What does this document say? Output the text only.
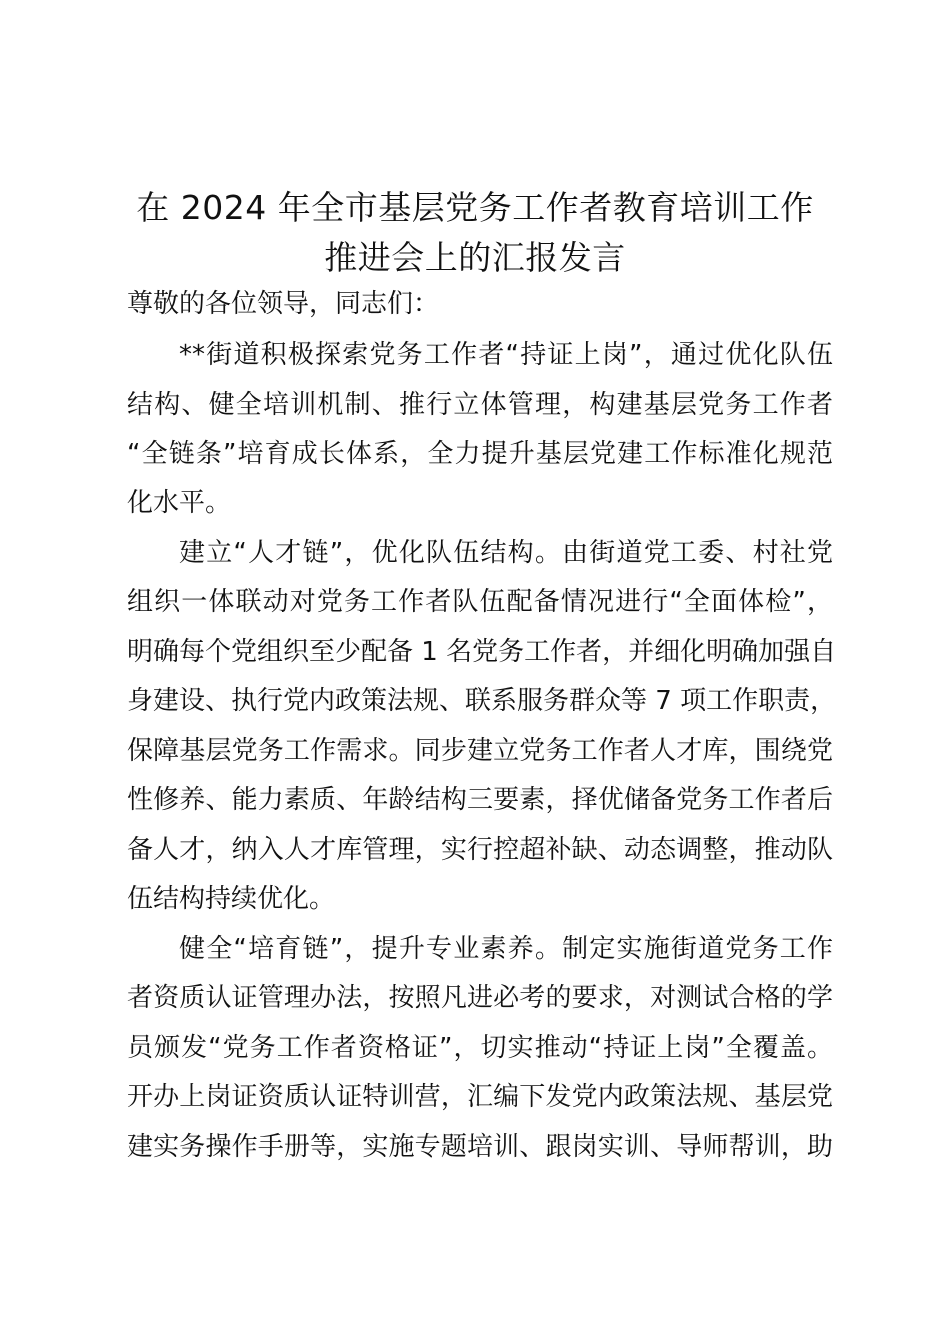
在 2024 年全市基层党务工作者教育培训工作
推进会上的汇报发言
尊敬的各位领导，同志们：
**街道积极探索党务工作者“持证上岗”，通过优化队伍
结构、健全培训机制、推行立体管理，构建基层党务工作者
“全链条”培育成长体系，全力提升基层党建工作标准化规范
化水平。
建立“人才链”，优化队伍结构。由街道党工委、村社党
组织一体联动对党务工作者队伍配备情况进行“全面体检”，
明确每个党组织至少配备 1 名党务工作者，并细化明确加强自
身建设、执行党内政策法规、联系服务群众等 7 项工作职责，
保障基层党务工作需求。同步建立党务工作者人才库，围绕党
性修养、能力素质、年龄结构三要素，择优储备党务工作者后
备人才，纳入人才库管理，实行控超补缺、动态调整，推动队
伍结构持续优化。
健全“培育链”，提升专业素养。制定实施街道党务工作
者资质认证管理办法，按照凡进必考的要求，对测试合格的学
员颁发“党务工作者资格证”，切实推动“持证上岗”全覆盖。
开办上岗证资质认证特训营，汇编下发党内政策法规、基层党
建实务操作手册等，实施专题培训、跟岗实训、导师帮训，助
